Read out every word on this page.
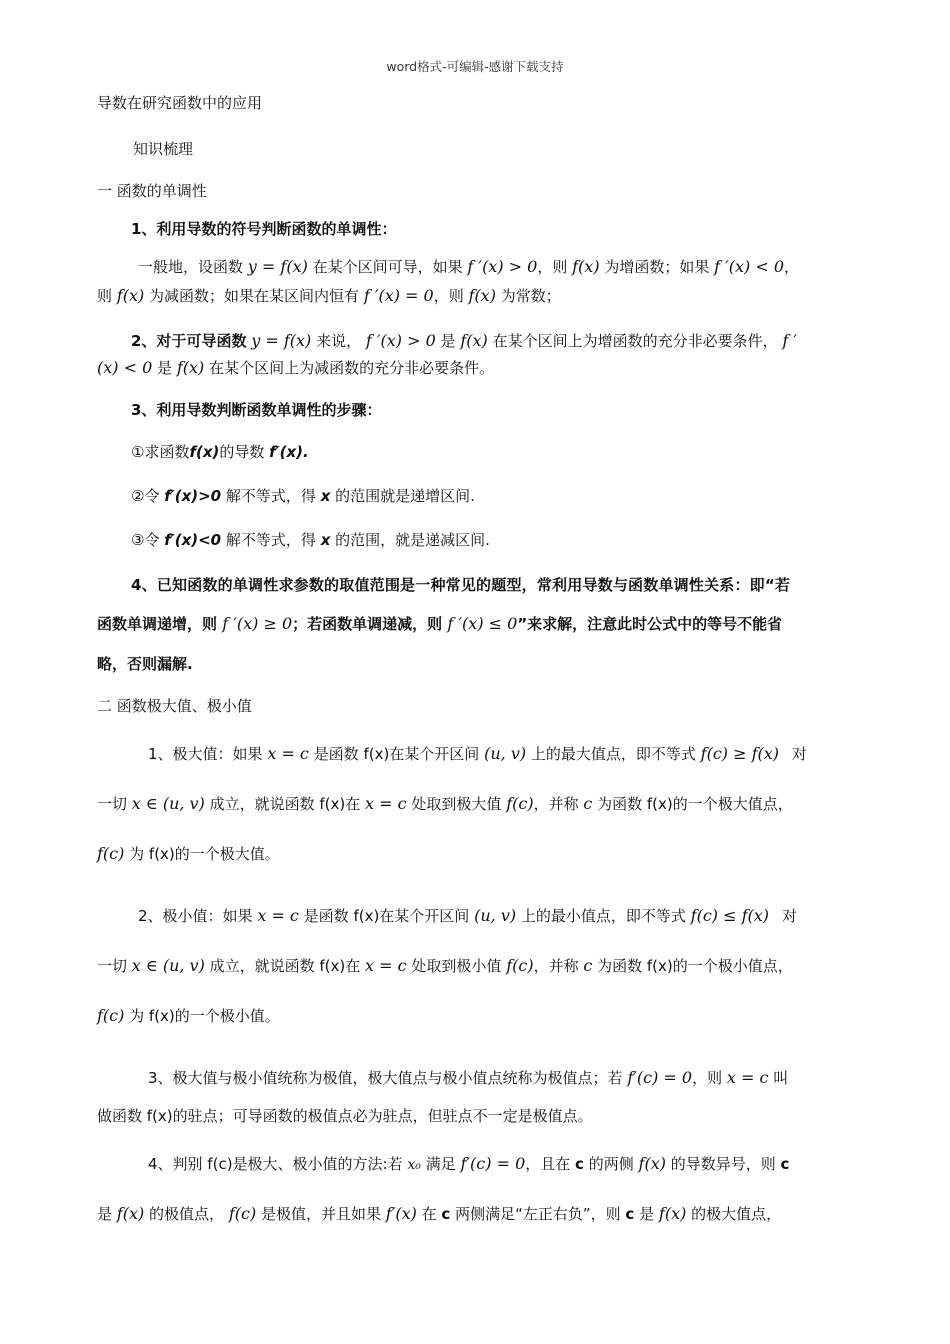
word格式-可编辑-感谢下载支持
导数在研究函数中的应用
知识梳理
一 函数的单调性
1、利用导数的符号判断函数的单调性：
一般地，设函数 y = f(x) 在某个区间可导，如果 f ′(x) > 0，则 f(x) 为增函数；如果 f ′(x) < 0，
则 f(x) 为减函数；如果在某区间内恒有 f ′(x) = 0，则 f(x) 为常数；
2、对于可导函数 y = f(x) 来说， f ′(x) > 0 是 f(x) 在某个区间上为增函数的充分非必要条件， f ′
(x) < 0 是 f(x) 在某个区间上为减函数的充分非必要条件。
3、利用导数判断函数单调性的步骤：
①求函数f(x)的导数 f′(x).
②令 f′(x)>0 解不等式，得 x 的范围就是递增区间.
③令 f′(x)<0 解不等式，得 x 的范围，就是递减区间.
4、已知函数的单调性求参数的取值范围是一种常见的题型，常利用导数与函数单调性关系：即“若
函数单调递增，则 f ′(x) ≥ 0；若函数单调递减，则 f ′(x) ≤ 0”来求解，注意此时公式中的等号不能省
略，否则漏解.
二 函数极大值、极小值
1、极大值：如果 x = c 是函数 f(x)在某个开区间 (u, v) 上的最大值点，即不等式 f(c) ≥ f(x) 对
一切 x ∈ (u, v) 成立，就说函数 f(x)在 x = c 处取到极大值 f(c)，并称 c 为函数 f(x)的一个极大值点，
f(c) 为 f(x)的一个极大值。
2、极小值：如果 x = c 是函数 f(x)在某个开区间 (u, v) 上的最小值点，即不等式 f(c) ≤ f(x) 对
一切 x ∈ (u, v) 成立，就说函数 f(x)在 x = c 处取到极小值 f(c)，并称 c 为函数 f(x)的一个极小值点，
f(c) 为 f(x)的一个极小值。
3、极大值与极小值统称为极值，极大值点与极小值点统称为极值点；若 f′(c) = 0，则 x = c 叫
做函数 f(x)的驻点；可导函数的极值点必为驻点，但驻点不一定是极值点。
4、判别 f(c)是极大、极小值的方法:若 x₀ 满足 f′(c) = 0，且在 c 的两侧 f(x) 的导数异号，则 c
是 f(x) 的极值点， f(c) 是极值，并且如果 f′(x) 在 c 两侧满足“左正右负”，则 c 是 f(x) 的极大值点，
